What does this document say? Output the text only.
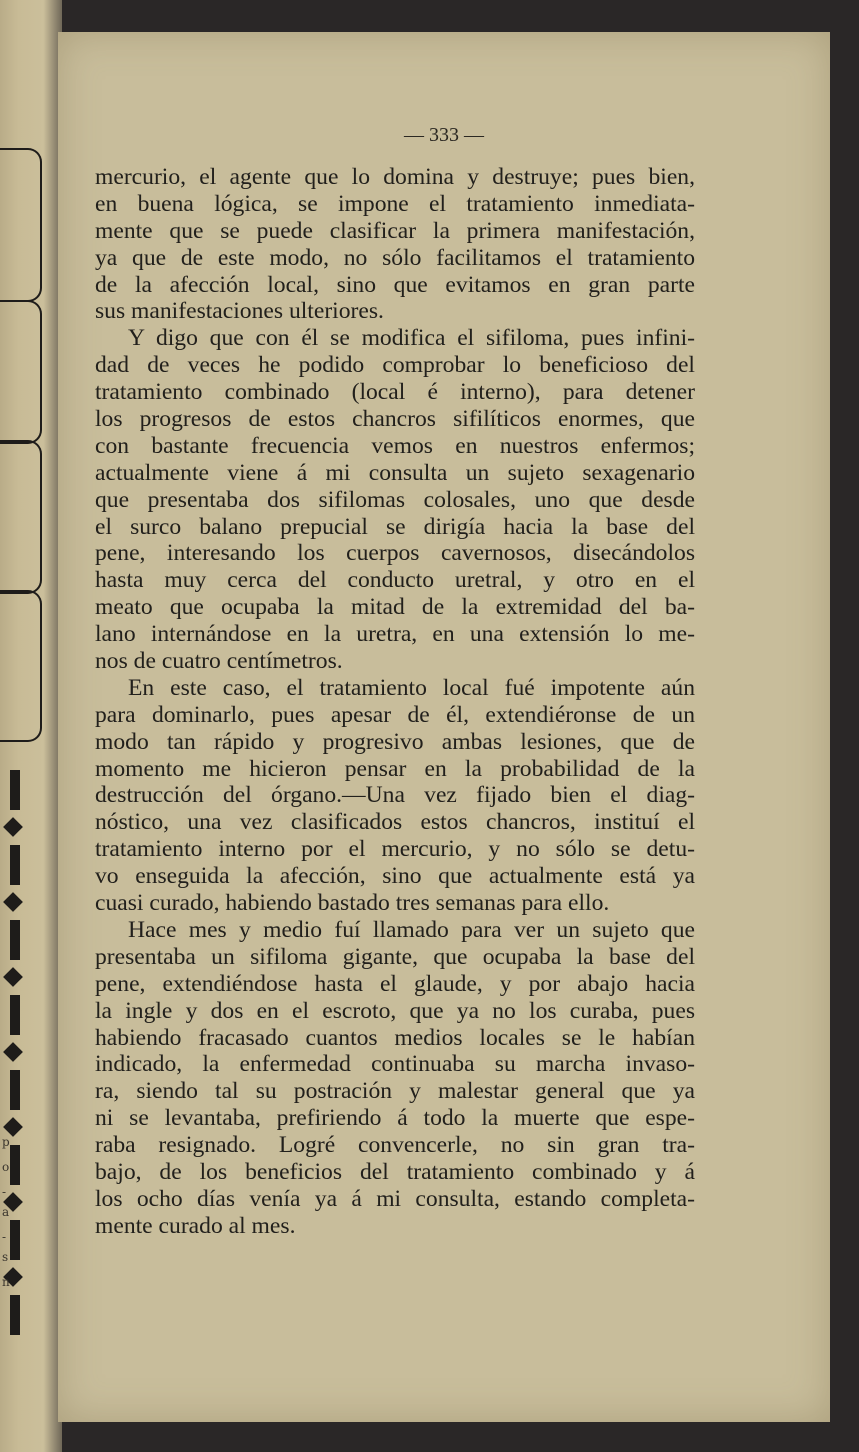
p
o
-
a
-
s
n
— 333 —
mercurio, el agente que lo domina y destruye; pues bien,
en buena lógica, se impone el tratamiento inmediata-
mente que se puede clasificar la primera manifestación,
ya que de este modo, no sólo facilitamos el tratamiento
de la afección local, sino que evitamos en gran parte
sus manifestaciones ulteriores.
Y digo que con él se modifica el sifiloma, pues infini-
dad de veces he podido comprobar lo beneficioso del
tratamiento combinado (local é interno), para detener
los progresos de estos chancros sifilíticos enormes, que
con bastante frecuencia vemos en nuestros enfermos;
actualmente viene á mi consulta un sujeto sexagenario
que presentaba dos sifilomas colosales, uno que desde
el surco balano prepucial se dirigía hacia la base del
pene, interesando los cuerpos cavernosos, disecándolos
hasta muy cerca del conducto uretral, y otro en el
meato que ocupaba la mitad de la extremidad del ba-
lano internándose en la uretra, en una extensión lo me-
nos de cuatro centímetros.
En este caso, el tratamiento local fué impotente aún
para dominarlo, pues apesar de él, extendiéronse de un
modo tan rápido y progresivo ambas lesiones, que de
momento me hicieron pensar en la probabilidad de la
destrucción del órgano.—Una vez fijado bien el diag-
nóstico, una vez clasificados estos chancros, instituí el
tratamiento interno por el mercurio, y no sólo se detu-
vo enseguida la afección, sino que actualmente está ya
cuasi curado, habiendo bastado tres semanas para ello.
Hace mes y medio fuí llamado para ver un sujeto que
presentaba un sifiloma gigante, que ocupaba la base del
pene, extendiéndose hasta el glaude, y por abajo hacia
la ingle y dos en el escroto, que ya no los curaba, pues
habiendo fracasado cuantos medios locales se le habían
indicado, la enfermedad continuaba su marcha invaso-
ra, siendo tal su postración y malestar general que ya
ni se levantaba, prefiriendo á todo la muerte que espe-
raba resignado. Logré convencerle, no sin gran tra-
bajo, de los beneficios del tratamiento combinado y á
los ocho días venía ya á mi consulta, estando completa-
mente curado al mes.
